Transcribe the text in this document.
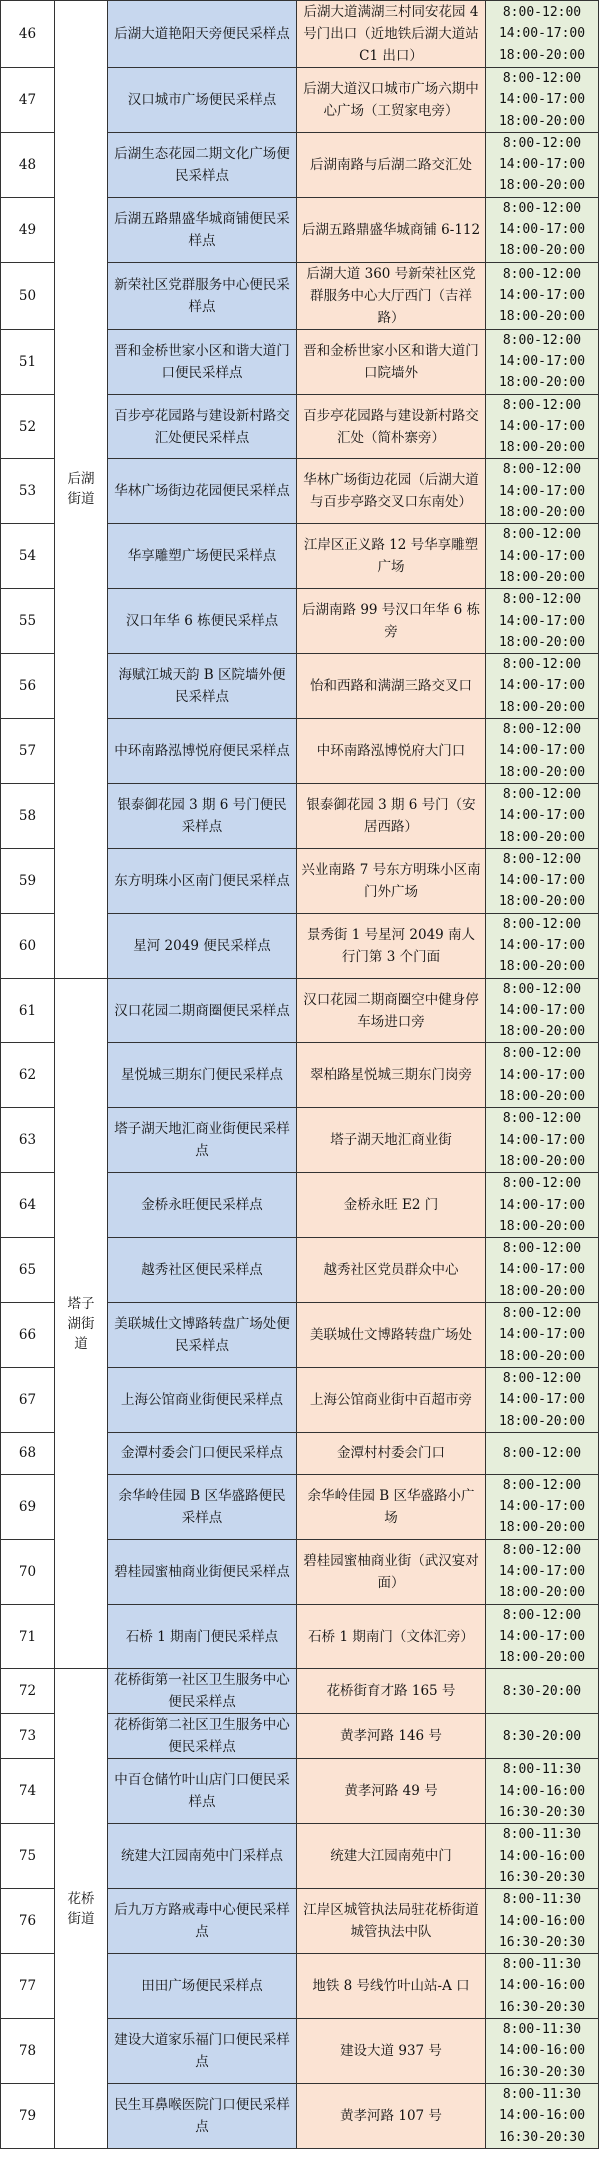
46	后湖街道	后湖大道艳阳天旁便民采样点	后湖大道满湖三村同安花园 4 号门出口（近地铁后湖大道站 C1 出口）	8:00-12:00
14:00-17:00
18:00-20:00

47		汉口城市广场便民采样点	后湖大道汉口城市广场六期中心广场（工贸家电旁）	8:00-12:00
14:00-17:00
18:00-20:00

48		后湖生态花园二期文化广场便民采样点	后湖南路与后湖二路交汇处	8:00-12:00
14:00-17:00
18:00-20:00

49		后湖五路鼎盛华城商铺便民采样点	后湖五路鼎盛华城商铺 6-112	8:00-12:00
14:00-17:00
18:00-20:00

50		新荣社区党群服务中心便民采样点	后湖大道 360 号新荣社区党群服务中心大厅西门（吉祥路）	8:00-12:00
14:00-17:00
18:00-20:00

51		晋和金桥世家小区和谐大道门口便民采样点	晋和金桥世家小区和谐大道门口院墙外	8:00-12:00
14:00-17:00
18:00-20:00

52		百步亭花园路与建设新村路交汇处便民采样点	百步亭花园路与建设新村路交汇处（简朴寨旁）	8:00-12:00
14:00-17:00
18:00-20:00

53		华林广场街边花园便民采样点	华林广场街边花园（后湖大道与百步亭路交叉口东南处）	8:00-12:00
14:00-17:00
18:00-20:00

54		华享雕塑广场便民采样点	江岸区正义路 12 号华享雕塑广场	8:00-12:00
14:00-17:00
18:00-20:00

55		汉口年华 6 栋便民采样点	后湖南路 99 号汉口年华 6 栋旁	8:00-12:00
14:00-17:00
18:00-20:00

56		海赋江城天韵 B 区院墙外便民采样点	怡和西路和满湖三路交叉口	8:00-12:00
14:00-17:00
18:00-20:00

57		中环南路泓博悦府便民采样点	中环南路泓博悦府大门口	8:00-12:00
14:00-17:00
18:00-20:00

58		银泰御花园 3 期 6 号门便民采样点	银泰御花园 3 期 6 号门（安居西路）	8:00-12:00
14:00-17:00
18:00-20:00

59		东方明珠小区南门便民采样点	兴业南路 7 号东方明珠小区南门外广场	8:00-12:00
14:00-17:00
18:00-20:00

60		星河 2049 便民采样点	景秀街 1 号星河 2049 南人行门第 3 个门面	8:00-12:00
14:00-17:00
18:00-20:00

61	塔子湖街道	汉口花园二期商圈便民采样点	汉口花园二期商圈空中健身停车场进口旁	8:00-12:00
14:00-17:00
18:00-20:00

62		星悦城三期东门便民采样点	翠柏路星悦城三期东门岗旁	8:00-12:00
14:00-17:00
18:00-20:00

63		塔子湖天地汇商业街便民采样点	塔子湖天地汇商业街	8:00-12:00
14:00-17:00
18:00-20:00

64		金桥永旺便民采样点	金桥永旺 E2 门	8:00-12:00
14:00-17:00
18:00-20:00

65		越秀社区便民采样点	越秀社区党员群众中心	8:00-12:00
14:00-17:00
18:00-20:00

66		美联城仕文博路转盘广场处便民采样点	美联城仕文博路转盘广场处	8:00-12:00
14:00-17:00
18:00-20:00

67		上海公馆商业街便民采样点	上海公馆商业街中百超市旁	8:00-12:00
14:00-17:00
18:00-20:00

68		金潭村委会门口便民采样点	金潭村村委会门口	8:00-12:00

69		余华岭佳园 B 区华盛路便民采样点	余华岭佳园 B 区华盛路小广场	8:00-12:00
14:00-17:00
18:00-20:00

70		碧桂园蜜柚商业街便民采样点	碧桂园蜜柚商业街（武汉宴对面）	8:00-12:00
14:00-17:00
18:00-20:00

71		石桥 1 期南门便民采样点	石桥 1 期南门（文体汇旁）	8:00-12:00
14:00-17:00
18:00-20:00

72	花桥街道	花桥街第一社区卫生服务中心便民采样点	花桥街育才路 165 号	8:30-20:00

73		花桥街第二社区卫生服务中心便民采样点	黄孝河路 146 号	8:30-20:00

74		中百仓储竹叶山店门口便民采样点	黄孝河路 49 号	8:00-11:30
14:00-16:00
16:30-20:30

75		统建大江园南苑中门采样点	统建大江园南苑中门	8:00-11:30
14:00-16:00
16:30-20:30

76		后九万方路戒毒中心便民采样点	江岸区城管执法局驻花桥街道城管执法中队	8:00-11:30
14:00-16:00
16:30-20:30

77		田田广场便民采样点	地铁 8 号线竹叶山站-A 口	8:00-11:30
14:00-16:00
16:30-20:30

78		建设大道家乐福门口便民采样点	建设大道 937 号	8:00-11:30
14:00-16:00
16:30-20:30

79		民生耳鼻喉医院门口便民采样点	黄孝河路 107 号	8:00-11:30
14:00-16:00
16:30-20:30
